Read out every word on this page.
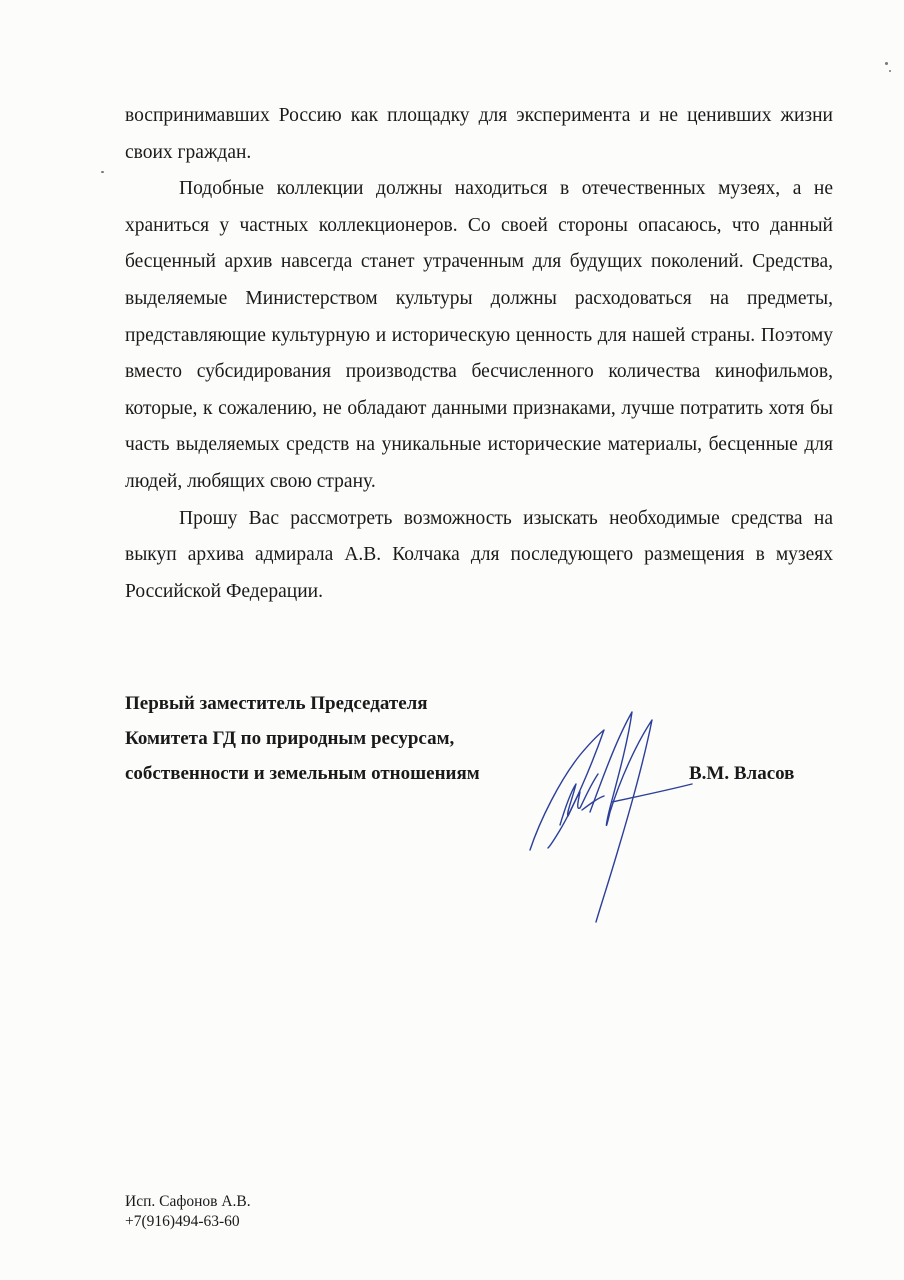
воспринимавших Россию как площадку для эксперимента и не ценивших жизни своих граждан.

Подобные коллекции должны находиться в отечественных музеях, а не храниться у частных коллекционеров. Со своей стороны опасаюсь, что данный бесценный архив навсегда станет утраченным для будущих поколений. Средства, выделяемые Министерством культуры должны расходоваться на предметы, представляющие культурную и историческую ценность для нашей страны. Поэтому вместо субсидирования производства бесчисленного количества кинофильмов, которые, к сожалению, не обладают данными признаками, лучше потратить хотя бы часть выделяемых средств на уникальные исторические материалы, бесценные для людей, любящих свою страну.

Прошу Вас рассмотреть возможность изыскать необходимые средства на выкуп архива адмирала А.В. Колчака для последующего размещения в музеях Российской Федерации.

Первый заместитель Председателя
Комитета ГД по природным ресурсам,
собственности и земельным отношениям	В.М. Власов
Исп. Сафонов А.В.
+7(916)494-63-60
